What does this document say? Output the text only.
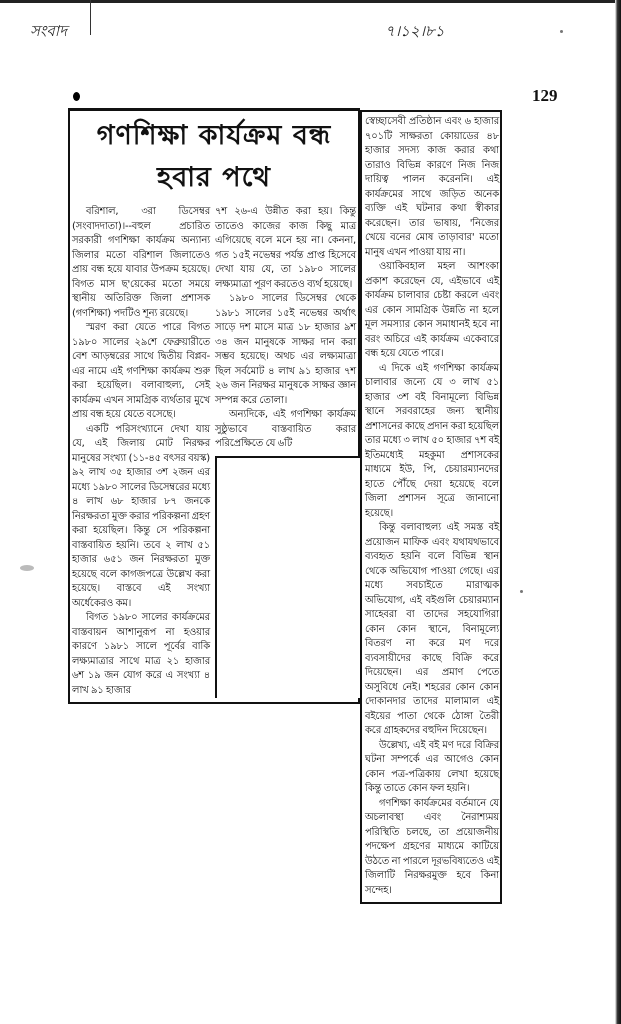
সংবাদ	৭।১২।৮১
129
গণশিক্ষা কার্যক্রম বন্ধ
হবার পথে

বরিশাল, ৩রা ডিসেম্বর (সংবাদদাতা)।--বহুল প্রচারিত সরকারী গণশিক্ষা কার্যক্রম অন্যান্য জিলার মতো বরিশাল জিলাতেও প্রায় বন্ধ হয়ে যাবার উপক্রম হয়েছে। বিগত মাস ছ'য়েকের মতো সময়ে স্থানীয় অতিরিক্ত জিলা প্রশাসক (গণশিক্ষা) পদটিও শূন্য রয়েছে।

স্মরণ করা যেতে পারে বিগত ১৯৮০ সালের ২৯শে ফেব্রুয়ারীতে বেশ আড়ম্বরের সাথে দ্বিতীয় বিপ্লব-এর নামে এই গণশিক্ষা কার্যক্রম শুরু করা হয়েছিল। বলাবাহুল্য, সেই কার্যক্রম এখন সামগ্রিক ব্যর্থতার মুখে প্রায় বন্ধ হয়ে যেতে বসেছে।

একটি পরিসংখ্যানে দেখা যায় যে, এই জিলায় মোট নিরক্ষর মানুষের সংখ্যা (১১-৪৫ বৎসর বয়স্ক) ৯২ লাখ ৩৫ হাজার ৩শ ২জন এর মধ্যে ১৯৮০ সালের ডিসেম্বরের মধ্যে ৪ লাখ ৬৮ হাজার ৮৭ জনকে নিরক্ষরতা মুক্ত করার পরিকল্পনা গ্রহণ করা হয়েছিল। কিন্তু সে পরিকল্পনা বাস্তবায়িত হয়নি। তবে ২ লাখ ৫১ হাজার ৬৫১ জন নিরক্ষরতা মুক্ত হয়েছে বলে কাগজপত্রে উল্লেখ করা হয়েছে। বাস্তবে এই সংখ্যা অর্ধেকেরও কম।

বিগত ১৯৮০ সালের কার্যক্রমের বাস্তবায়ন আশানুরূপ না হওয়ার কারণে ১৯৮১ সালে পূর্বের বাকি লক্ষ্যমাত্রার সাথে মাত্র ২১ হাজার ৬শ ১৯ জন যোগ করে এ সংখ্যা ৪ লাখ ৯১ হাজার

৭শ ২৬-এ উন্নীত করা হয়। কিন্তু তাতেও কাজের কাজ কিছু মাত্র এগিয়েছে বলে মনে হয় না। কেননা, গত ১৫ই নভেম্বর পর্যন্ত প্রাপ্ত হিসেবে দেখা যায় যে, তা ১৯৮০ সালের লক্ষ্যমাত্রা পূরণ করতেও ব্যর্থ হয়েছে।

১৯৮০ সালের ডিসেম্বর থেকে ১৯৮১ সালের ১৫ই নভেম্বর অর্থাৎ সাড়ে দশ মাসে মাত্র ১৮ হাজার ৯শ ৩৪ জন মানুষকে সাক্ষর দান করা সম্ভব হয়েছে। অথচ এর লক্ষ্যমাত্রা ছিল সর্বমোট ৪ লাখ ৯১ হাজার ৭শ ২৬ জন নিরক্ষর মানুষকে সাক্ষর জ্ঞান সম্পন্ন করে তোলা।

অন্যদিকে, এই গণশিক্ষা কার্যক্রম সুষ্ঠুভাবে বাস্তবায়িত করার পরিপ্রেক্ষিতে যে ৬টি

স্বেচ্ছাসেবী প্রতিষ্ঠান এবং ৬ হাজার ৭০১টি সাক্ষরতা কোয়াডের ৪৮ হাজার সদস্য কাজ করার কথা তারাও বিভিন্ন কারণে নিজ নিজ দায়িত্ব পালন করেননি। এই কার্যক্রমের সাথে জড়িত অনেক ব্যক্তি এই ঘটনার কথা স্বীকার করেছেন। তার ভাষায়, 'নিজের খেয়ে বনের মোষ তাড়াবার' মতো মানুষ এখন পাওয়া যায় না।

ওয়াকিবহাল মহল আশংকা প্রকাশ করেছেন যে, এইভাবে এই কার্যক্রম চালাবার চেষ্টা করলে এবং এর কোন সামগ্রিক উন্নতি না হলে মূল সমস্যার কোন সমাধানই হবে না বরং অচিরে এই কার্যক্রম একেবারে বন্ধ হয়ে যেতে পারে।

এ দিকে এই গণশিক্ষা কার্যক্রম চালাবার জন্যে যে ৩ লাখ ৫১ হাজার ৩শ বই বিনামূল্যে বিভিন্ন স্থানে সরবরাহের জন্য স্থানীয় প্রশাসনের কাছে প্রদান করা হয়েছিল তার মধ্যে ৩ লাখ ৫০ হাজার ৭শ বই ইতিমধ্যেই মহকুমা প্রশাসকের মাধ্যমে ইউ, পি, চেয়ারম্যানদের হাতে পৌঁছে দেয়া হয়েছে বলে জিলা প্রশাসন সূত্রে জানানো হয়েছে।

কিন্তু বলাবাহুল্য এই সমস্ত বই প্রয়োজন মাফিক এবং যথাযথভাবে ব্যবহৃত হয়নি বলে বিভিন্ন স্থান থেকে অভিযোগ পাওয়া গেছে। এর মধ্যে সবচাইতে মারাত্মক অভিযোগ, এই বইগুলি চেয়ারম্যান সাহেবরা বা তাদের সহযোগিরা কোন কোন স্থানে, বিনামূল্যে বিতরণ না করে মণ দরে ব্যবসায়ীদের কাছে বিক্রি করে দিয়েছেন। এর প্রমাণ পেতে অসুবিধে নেই। শহরের কোন কোন দোকানদার তাদের মালামাল এই বইয়ের পাতা থেকে ঠোঙ্গা তৈরী করে গ্রাহকদের বহুদিন দিয়েছেন।

উল্লেখ্য, এই বই মণ দরে বিক্রির ঘটনা সম্পর্কে এর আগেও কোন কোন পত্র-পত্রিকায় লেখা হয়েছে কিন্তু তাতে কোন ফল হয়নি।

গণশিক্ষা কার্যক্রমের বর্তমানে যে অচলাবস্থা এবং নৈরাশ্যময় পরিস্থিতি চলছে, তা প্রয়োজনীয় পদক্ষেপ গ্রহণের মাধ্যমে কাটিয়ে উঠতে না পারলে দূরভবিষ্যতেও এই জিলাটি নিরক্ষরমুক্ত হবে কিনা সন্দেহ।
